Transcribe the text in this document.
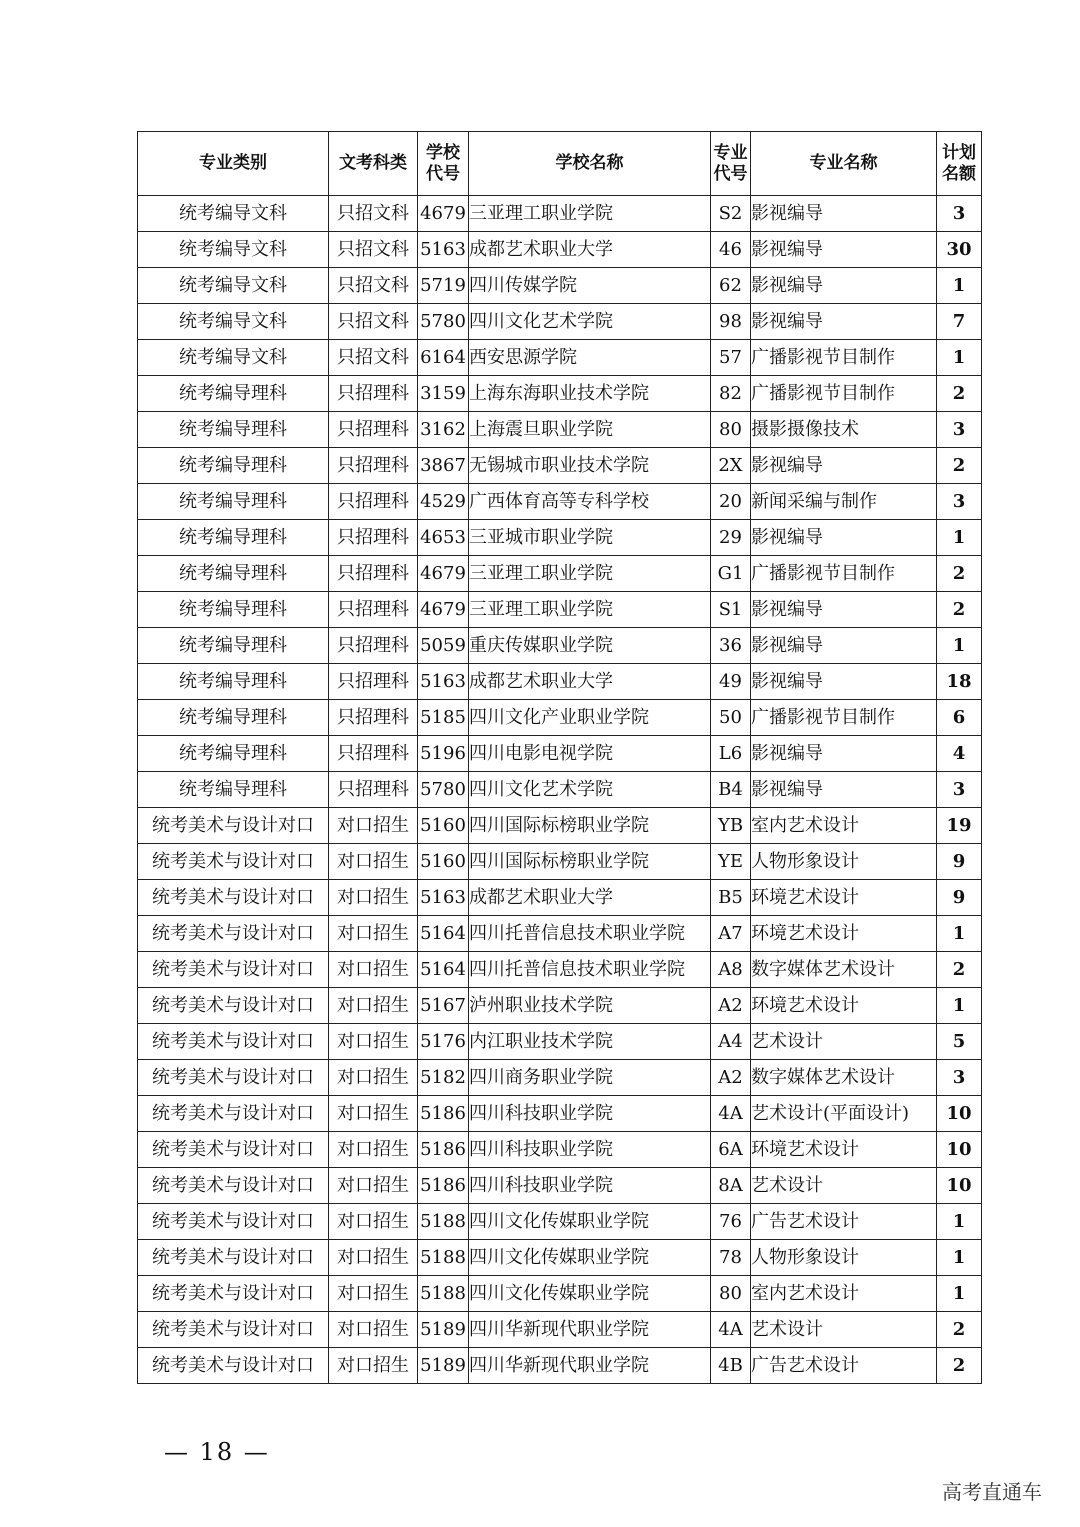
专业类别	文考科类	学校代号	学校名称	专业代号	专业名称	计划名额
统考编导文科	只招文科	4679	三亚理工职业学院	S2	影视编导	3
统考编导文科	只招文科	5163	成都艺术职业大学	46	影视编导	30
统考编导文科	只招文科	5719	四川传媒学院	62	影视编导	1
统考编导文科	只招文科	5780	四川文化艺术学院	98	影视编导	7
统考编导文科	只招文科	6164	西安思源学院	57	广播影视节目制作	1
统考编导理科	只招理科	3159	上海东海职业技术学院	82	广播影视节目制作	2
统考编导理科	只招理科	3162	上海震旦职业学院	80	摄影摄像技术	3
统考编导理科	只招理科	3867	无锡城市职业技术学院	2X	影视编导	2
统考编导理科	只招理科	4529	广西体育高等专科学校	20	新闻采编与制作	3
统考编导理科	只招理科	4653	三亚城市职业学院	29	影视编导	1
统考编导理科	只招理科	4679	三亚理工职业学院	G1	广播影视节目制作	2
统考编导理科	只招理科	4679	三亚理工职业学院	S1	影视编导	2
统考编导理科	只招理科	5059	重庆传媒职业学院	36	影视编导	1
统考编导理科	只招理科	5163	成都艺术职业大学	49	影视编导	18
统考编导理科	只招理科	5185	四川文化产业职业学院	50	广播影视节目制作	6
统考编导理科	只招理科	5196	四川电影电视学院	L6	影视编导	4
统考编导理科	只招理科	5780	四川文化艺术学院	B4	影视编导	3
统考美术与设计对口	对口招生	5160	四川国际标榜职业学院	YB	室内艺术设计	19
统考美术与设计对口	对口招生	5160	四川国际标榜职业学院	YE	人物形象设计	9
统考美术与设计对口	对口招生	5163	成都艺术职业大学	B5	环境艺术设计	9
统考美术与设计对口	对口招生	5164	四川托普信息技术职业学院	A7	环境艺术设计	1
统考美术与设计对口	对口招生	5164	四川托普信息技术职业学院	A8	数字媒体艺术设计	2
统考美术与设计对口	对口招生	5167	泸州职业技术学院	A2	环境艺术设计	1
统考美术与设计对口	对口招生	5176	内江职业技术学院	A4	艺术设计	5
统考美术与设计对口	对口招生	5182	四川商务职业学院	A2	数字媒体艺术设计	3
统考美术与设计对口	对口招生	5186	四川科技职业学院	4A	艺术设计(平面设计)	10
统考美术与设计对口	对口招生	5186	四川科技职业学院	6A	环境艺术设计	10
统考美术与设计对口	对口招生	5186	四川科技职业学院	8A	艺术设计	10
统考美术与设计对口	对口招生	5188	四川文化传媒职业学院	76	广告艺术设计	1
统考美术与设计对口	对口招生	5188	四川文化传媒职业学院	78	人物形象设计	1
统考美术与设计对口	对口招生	5188	四川文化传媒职业学院	80	室内艺术设计	1
统考美术与设计对口	对口招生	5189	四川华新现代职业学院	4A	艺术设计	2
统考美术与设计对口	对口招生	5189	四川华新现代职业学院	4B	广告艺术设计	2
— 18 —
高考直通车
